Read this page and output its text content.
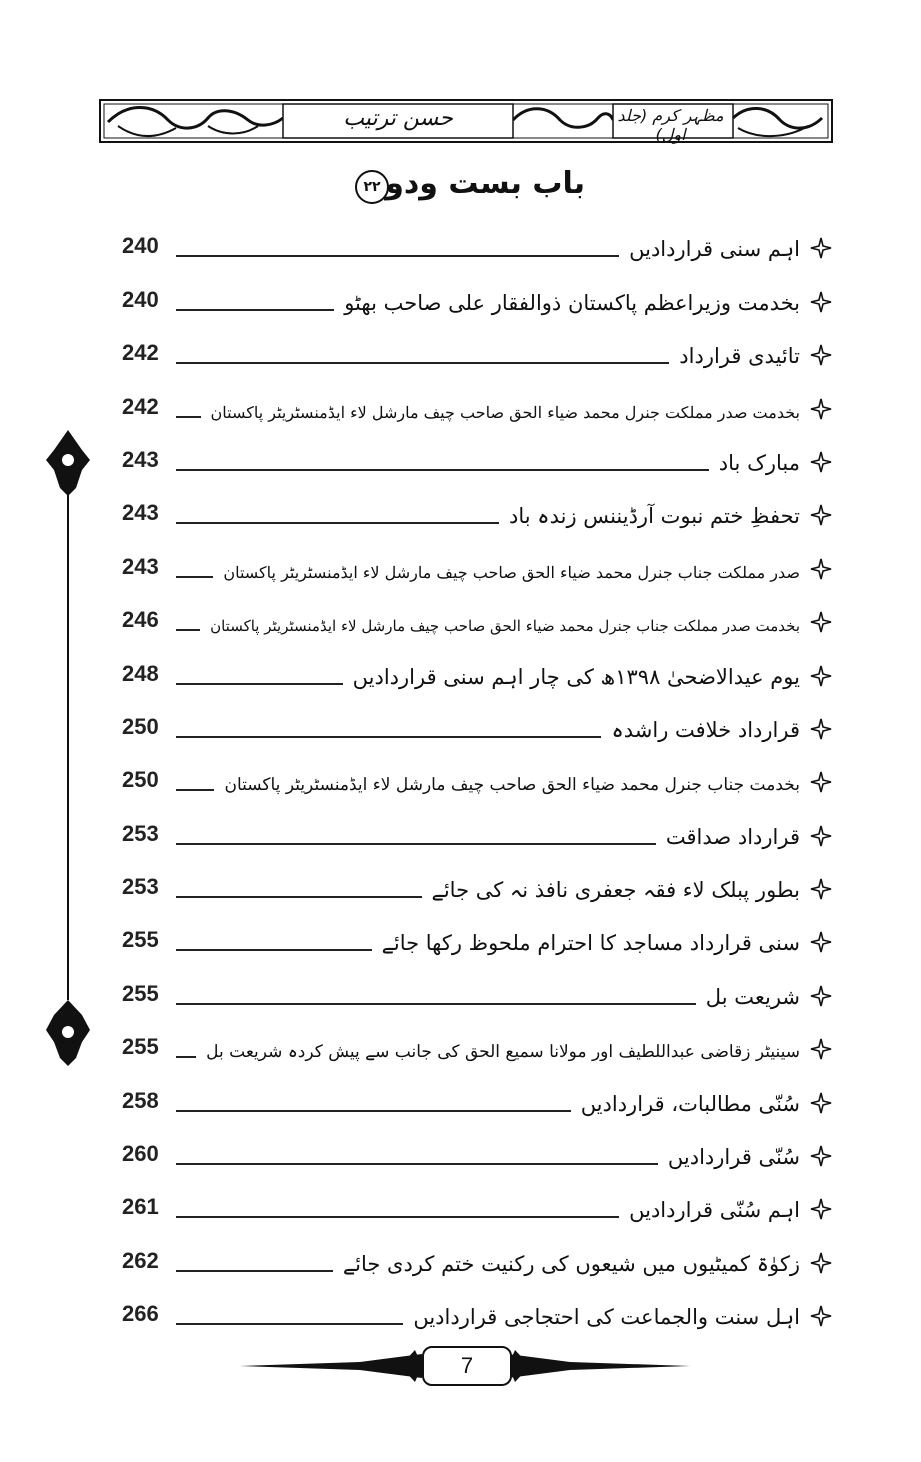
حسن ترتیب	مظہر کرم (جلد اول)
باب بست ودو
۲۲
240	اہم سنی قراردادیں
240	بخدمت وزیراعظم پاکستان ذوالفقار علی صاحب بھٹو
242	تائیدی قرارداد
242	بخدمت صدر مملکت جنرل محمد ضیاء الحق صاحب چیف مارشل لاء ایڈمنسٹریٹر پاکستان
243	مبارک باد
243	تحفظِ ختم نبوت آرڈیننس زندہ باد
243	صدر مملکت جناب جنرل محمد ضیاء الحق صاحب چیف مارشل لاء ایڈمنسٹریٹر پاکستان
246	بخدمت صدر مملکت جناب جنرل محمد ضیاء الحق صاحب چیف مارشل لاء ایڈمنسٹریٹر پاکستان
248	یوم عیدالاضحیٰ ۱۳۹۸ھ کی چار اہم سنی قراردادیں
250	قرارداد خلافت راشدہ
250	بخدمت جناب جنرل محمد ضیاء الحق صاحب چیف مارشل لاء ایڈمنسٹریٹر پاکستان
253	قرارداد صداقت
253	بطور پبلک لاء فقہ جعفری نافذ نہ کی جائے
255	سنی قرارداد مساجد کا احترام ملحوظ رکھا جائے
255	شریعت بل
255	سینیٹر زقاضی عبداللطیف اور مولانا سمیع الحق کی جانب سے پیش کردہ شریعت بل
258	سُنّی مطالبات، قراردادیں
260	سُنّی قراردادیں
261	اہم سُنّی قراردادیں
262	زکوٰۃ کمیٹیوں میں شیعوں کی رکنیت ختم کردی جائے
266	اہل سنت والجماعت کی احتجاجی قراردادیں
7
